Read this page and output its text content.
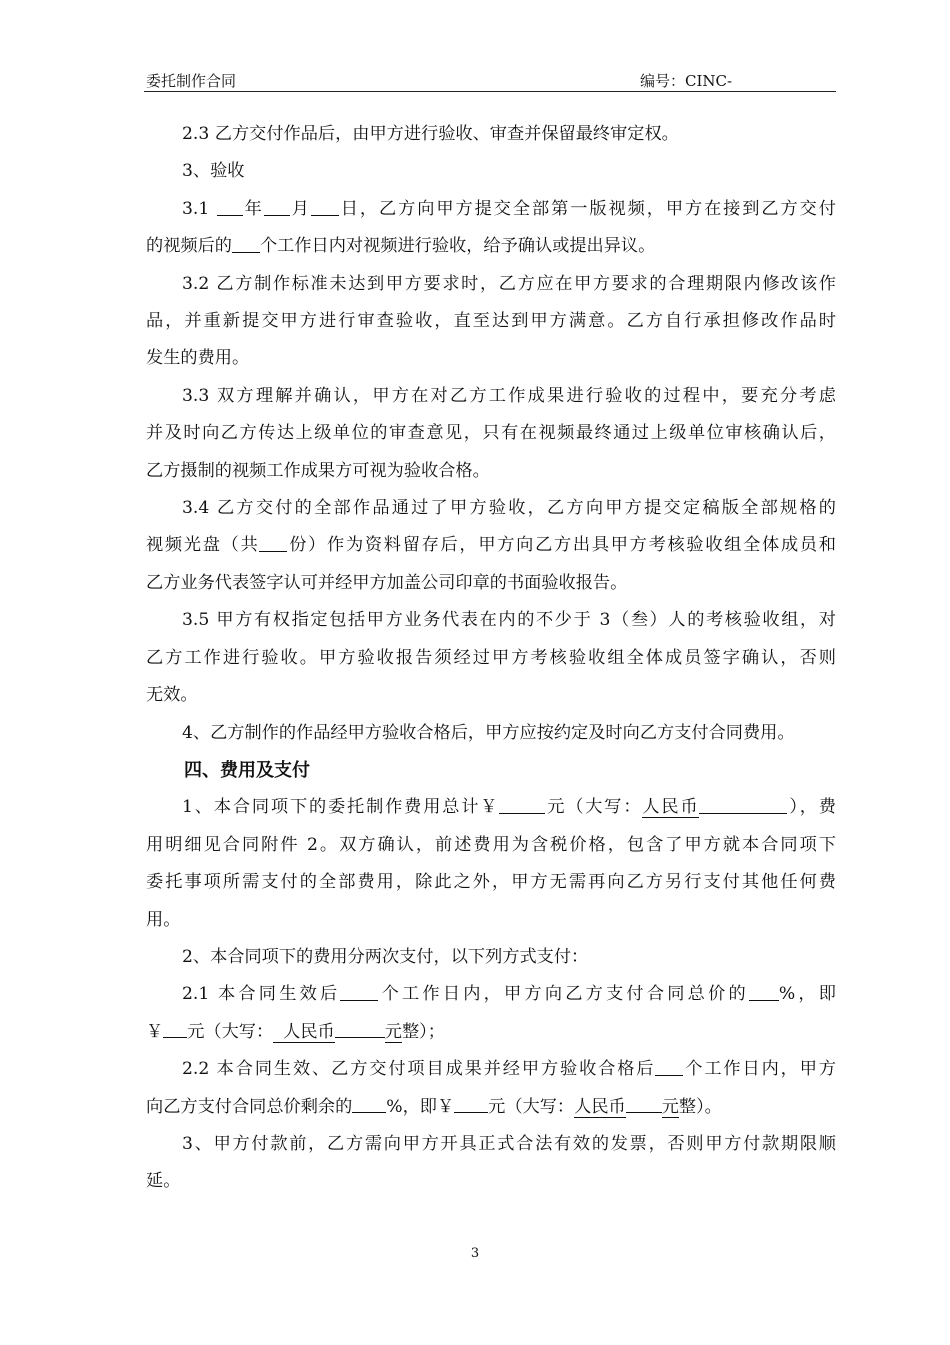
委托制作合同	编号：CINC-

2.3 乙方交付作品后，由甲方进行验收、审查并保留最终审定权。

3、验收

3.1 年 月 日，乙方向甲方提交全部第一版视频，甲方在接到乙方交付

的视频后的 个工作日内对视频进行验收，给予确认或提出异议。

3.2 乙方制作标准未达到甲方要求时，乙方应在甲方要求的合理期限内修改该作

品，并重新提交甲方进行审查验收，直至达到甲方满意。乙方自行承担修改作品时

发生的费用。

3.3 双方理解并确认，甲方在对乙方工作成果进行验收的过程中，要充分考虑

并及时向乙方传达上级单位的审查意见，只有在视频最终通过上级单位审核确认后，

乙方摄制的视频工作成果方可视为验收合格。

3.4 乙方交付的全部作品通过了甲方验收，乙方向甲方提交定稿版全部规格的

视频光盘（共 份）作为资料留存后，甲方向乙方出具甲方考核验收组全体成员和

乙方业务代表签字认可并经甲方加盖公司印章的书面验收报告。

3.5 甲方有权指定包括甲方业务代表在内的不少于 3（叁）人的考核验收组，对

乙方工作进行验收。甲方验收报告须经过甲方考核验收组全体成员签字确认，否则

无效。

4、乙方制作的作品经甲方验收合格后，甲方应按约定及时向乙方支付合同费用。

四、费用及支付

1、本合同项下的委托制作费用总计￥	元（大写：人民币	），费

用明细见合同附件 2。双方确认，前述费用为含税价格，包含了甲方就本合同项下

委托事项所需支付的全部费用，除此之外，甲方无需再向乙方另行支付其他任何费

用。

2、本合同项下的费用分两次支付，以下列方式支付：

2.1 本合同生效后 个工作日内，甲方向乙方支付合同总价的 %，即

￥ 元（大写： 人民币	元整）；

2.2 本合同生效、乙方交付项目成果并经甲方验收合格后 个工作日内，甲方

向乙方支付合同总价剩余的 %，即￥ 元（大写：人民币 元整）。

3、甲方付款前，乙方需向甲方开具正式合法有效的发票，否则甲方付款期限顺

延。

3
